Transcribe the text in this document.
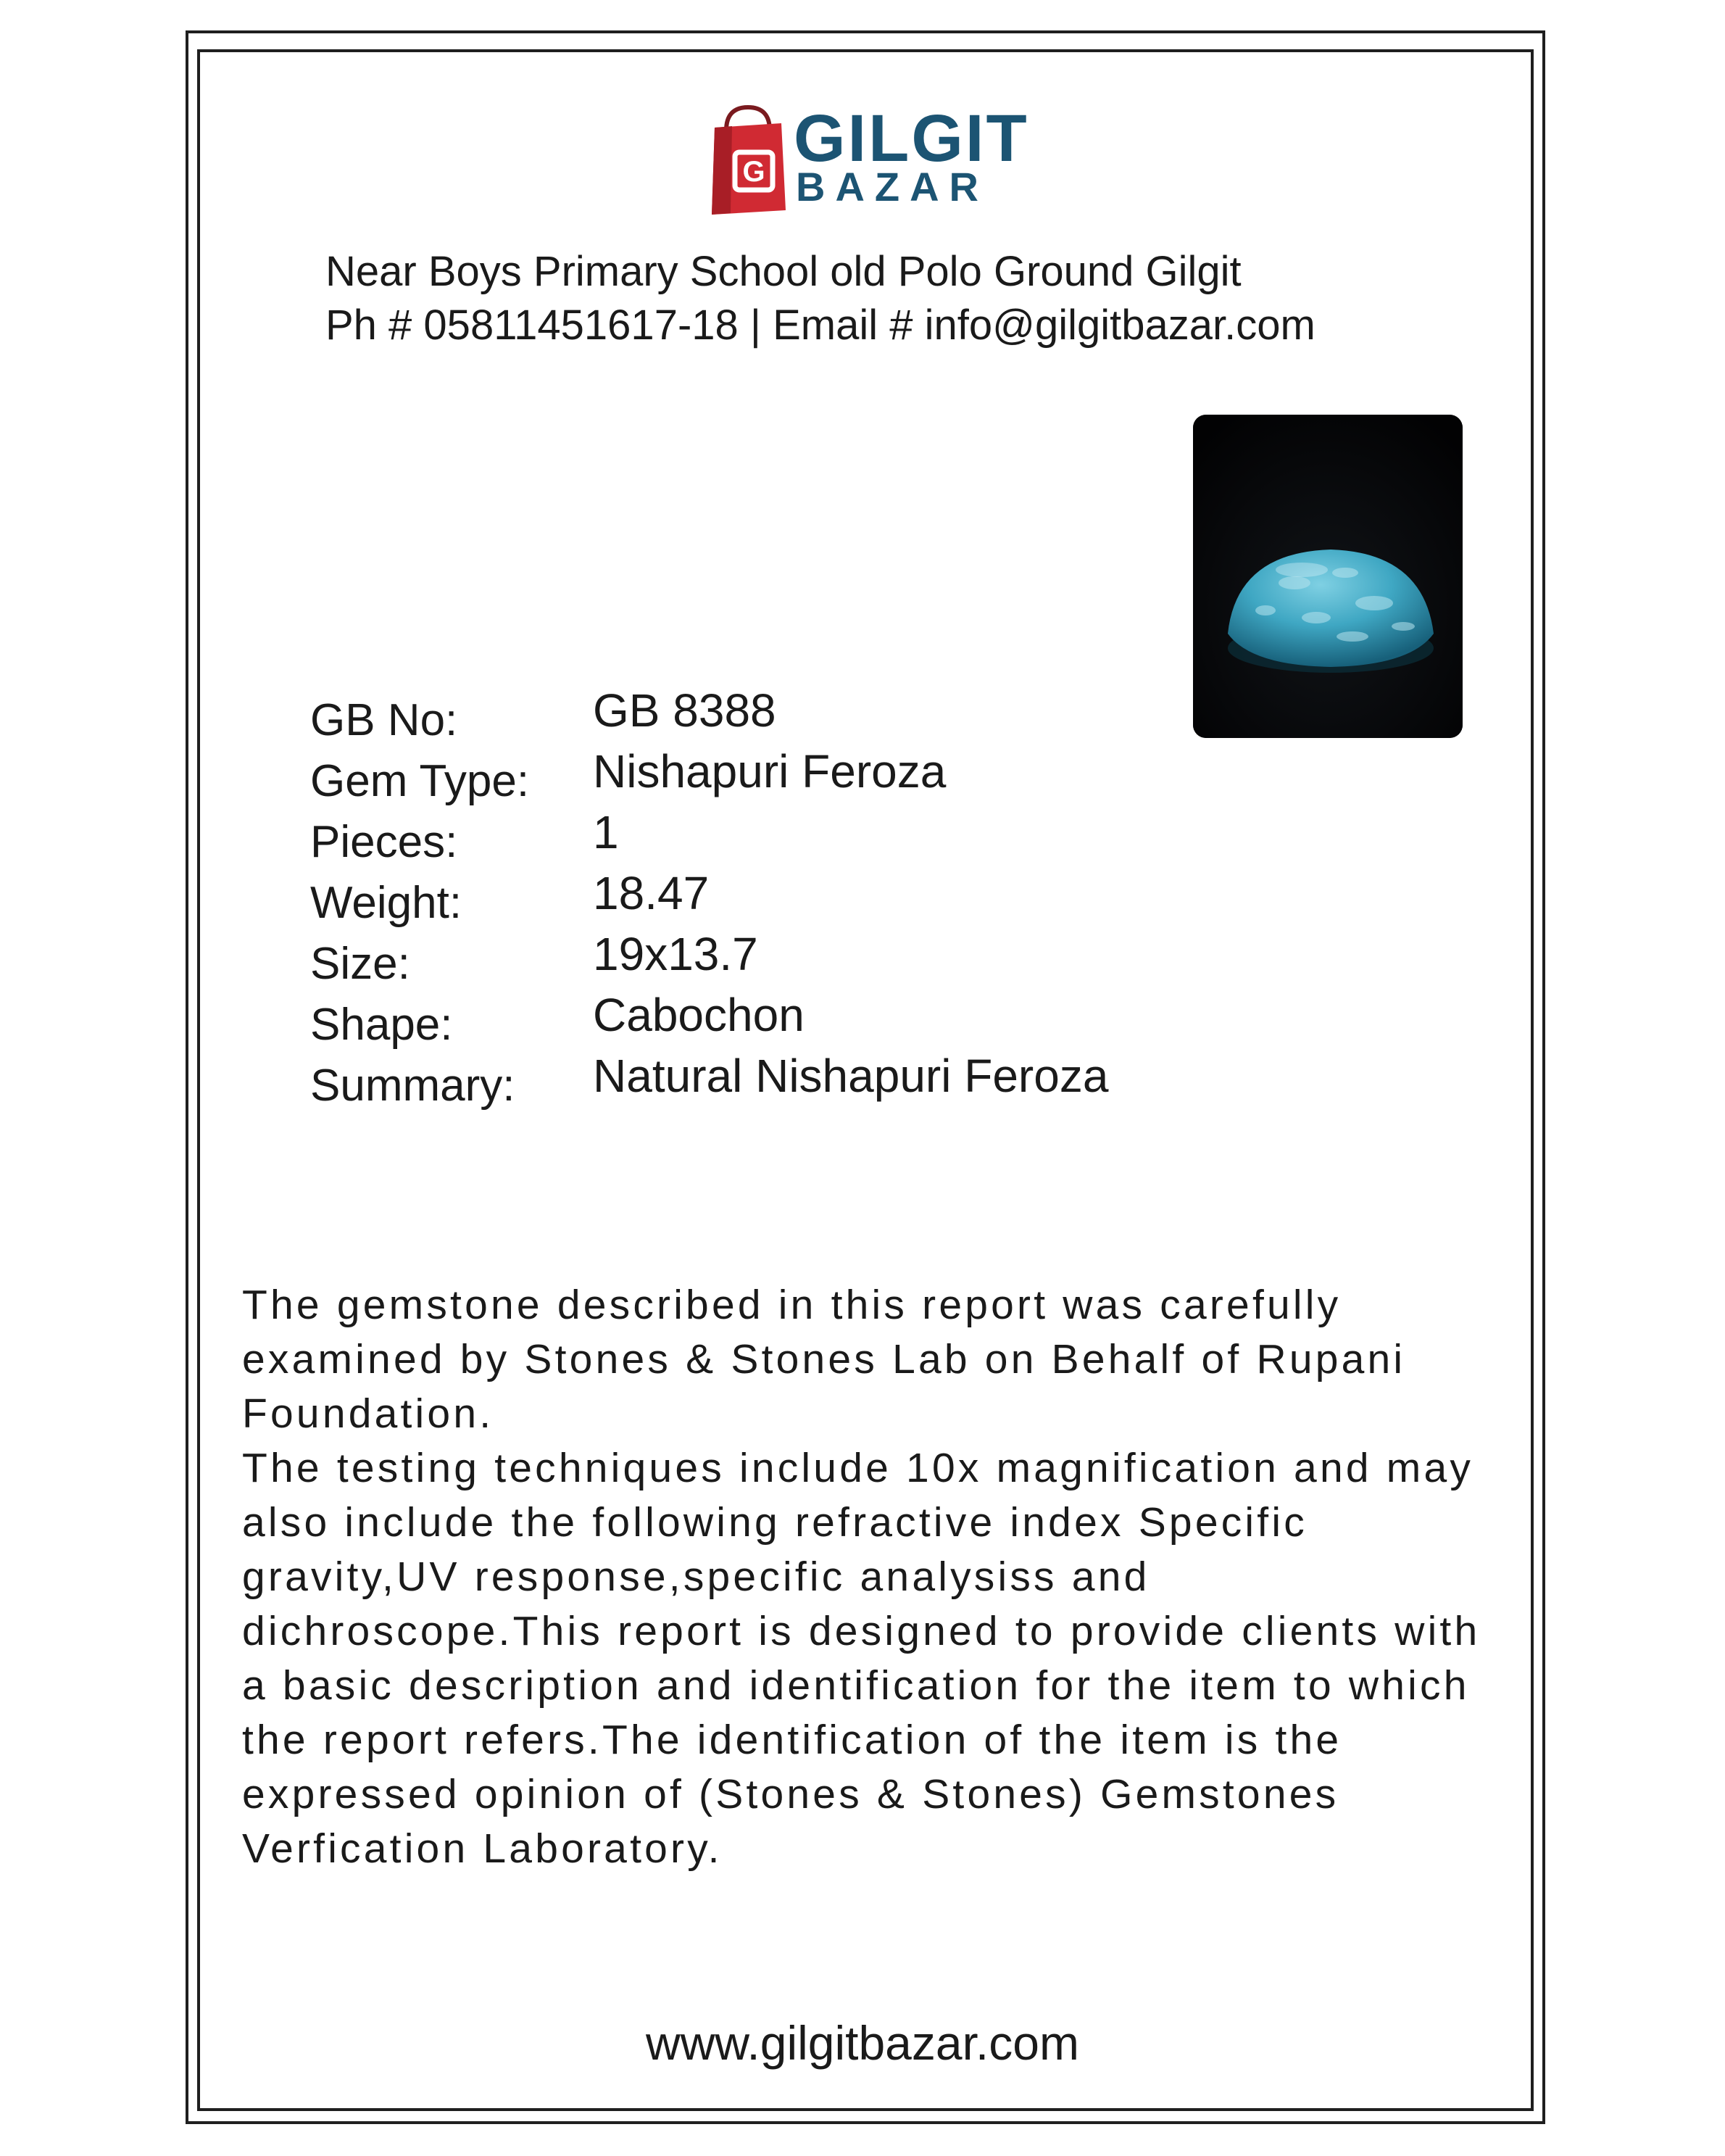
G GILGIT
BAZAR
Near Boys Primary School old Polo Ground Gilgit
Ph # 05811451617-18 | Email # info@gilgitbazar.com
GB No:	GB 8388
Gem Type: Nishapuri Feroza
Pieces:	1
Weight:	18.47
Size:	19x13.7
Shape:	Cabochon
Summary: Natural Nishapuri Feroza

The gemstone described in this report was carefully examined by Stones & Stones Lab on Behalf of Rupani Foundation.

The testing techniques include 10x magnification and may also include the following refractive index Specific gravity,UV response,specific analysiss and dichroscope.This report is designed to provide clients with a basic description and identification for the item to which the report refers.The identification of the item is the expressed opinion of (Stones & Stones) Gemstones Verfication Laboratory.

www.gilgitbazar.com
